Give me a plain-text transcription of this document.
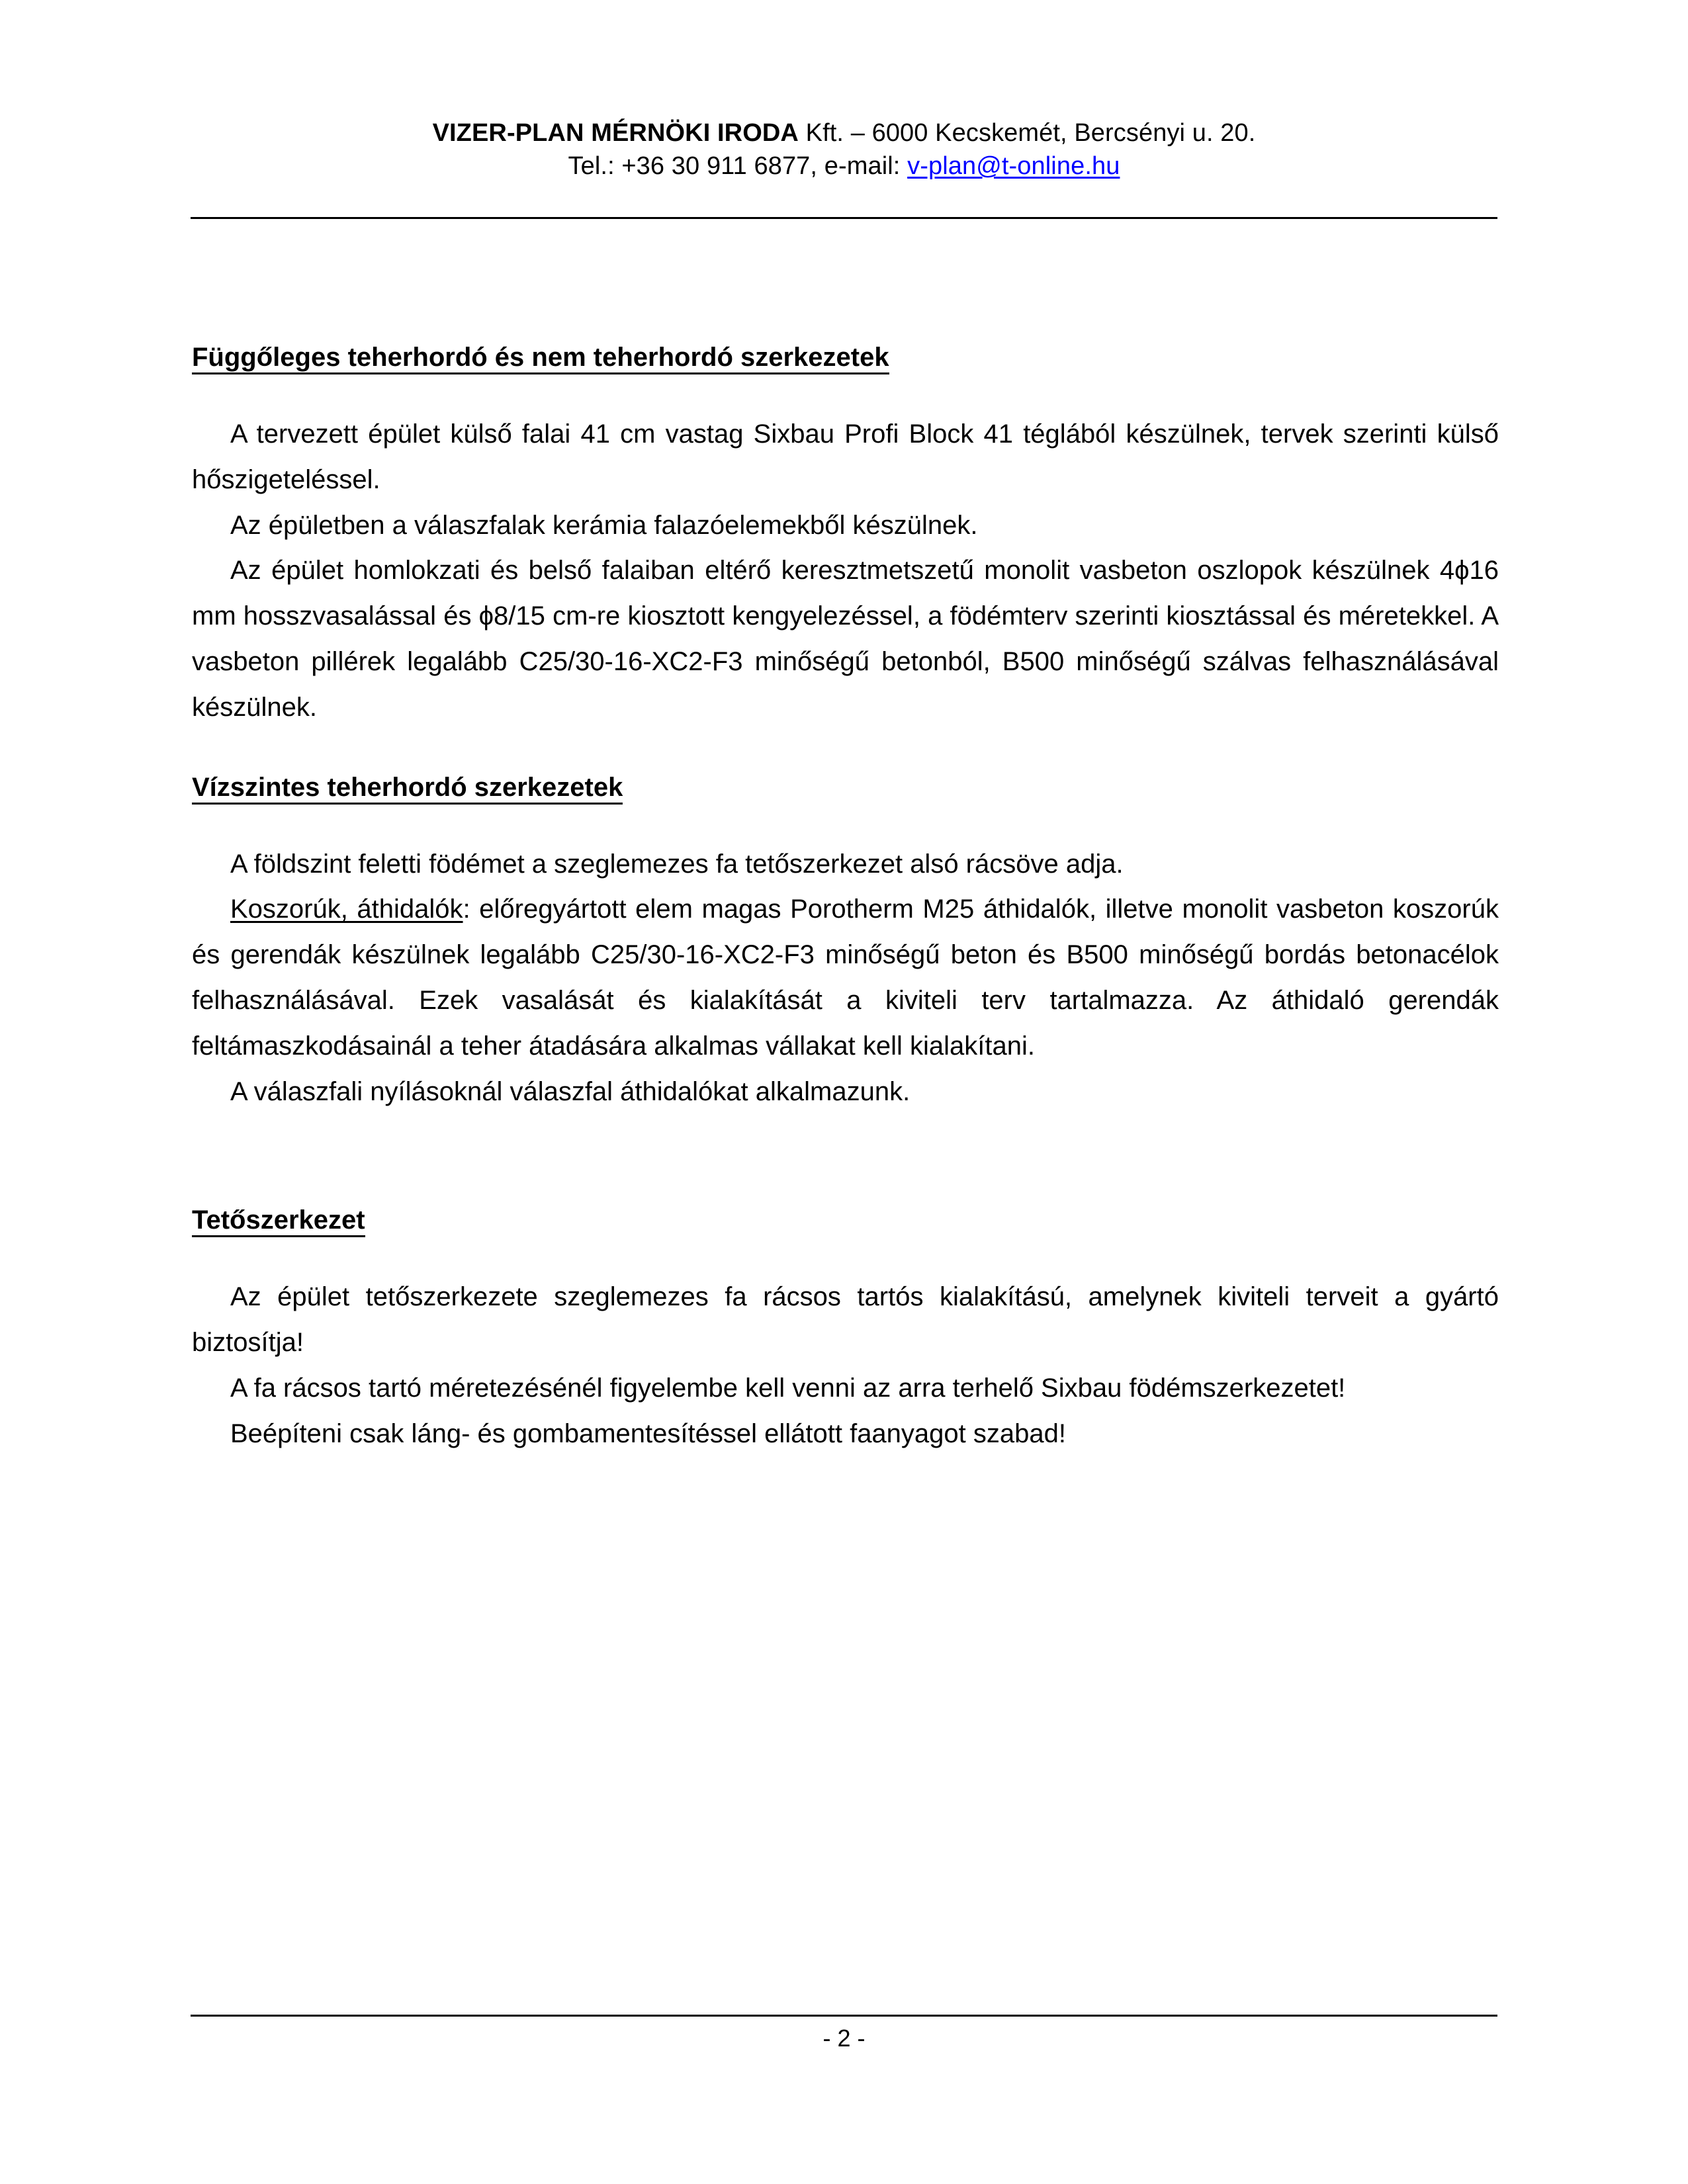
VIZER-PLAN MÉRNÖKI IRODA Kft. – 6000 Kecskemét, Bercsényi u. 20.
Tel.: +36 30 911 6877, e-mail: v-plan@t-online.hu
Függőleges teherhordó és nem teherhordó szerkezetek

A tervezett épület külső falai 41 cm vastag Sixbau Profi Block 41 téglából készülnek, tervek szerinti külső hőszigeteléssel.

Az épületben a válaszfalak kerámia falazóelemekből készülnek.

Az épület homlokzati és belső falaiban eltérő keresztmetszetű monolit vasbeton oszlopok készülnek 4ϕ16 mm hosszvasalással és ϕ8/15 cm-re kiosztott kengyelezéssel, a födémterv szerinti kiosztással és méretekkel. A vasbeton pillérek legalább C25/30-16-XC2-F3 minőségű betonból, B500 minőségű szálvas felhasználásával készülnek.

Vízszintes teherhordó szerkezetek

A földszint feletti födémet a szeglemezes fa tetőszerkezet alsó rácsöve adja.

Koszorúk, áthidalók: előregyártott elem magas Porotherm M25 áthidalók, illetve monolit vasbeton koszorúk és gerendák készülnek legalább C25/30-16-XC2-F3 minőségű beton és B500 minőségű bordás betonacélok felhasználásával. Ezek vasalását és kialakítását a kiviteli terv tartalmazza. Az áthidaló gerendák feltámaszkodásainál a teher átadására alkalmas vállakat kell kialakítani.

A válaszfali nyílásoknál válaszfal áthidalókat alkalmazunk.

Tetőszerkezet

Az épület tetőszerkezete szeglemezes fa rácsos tartós kialakítású, amelynek kiviteli terveit a gyártó biztosítja!

A fa rácsos tartó méretezésénél figyelembe kell venni az arra terhelő Sixbau födémszerkezetet!

Beépíteni csak láng- és gombamentesítéssel ellátott faanyagot szabad!

- 2 -
